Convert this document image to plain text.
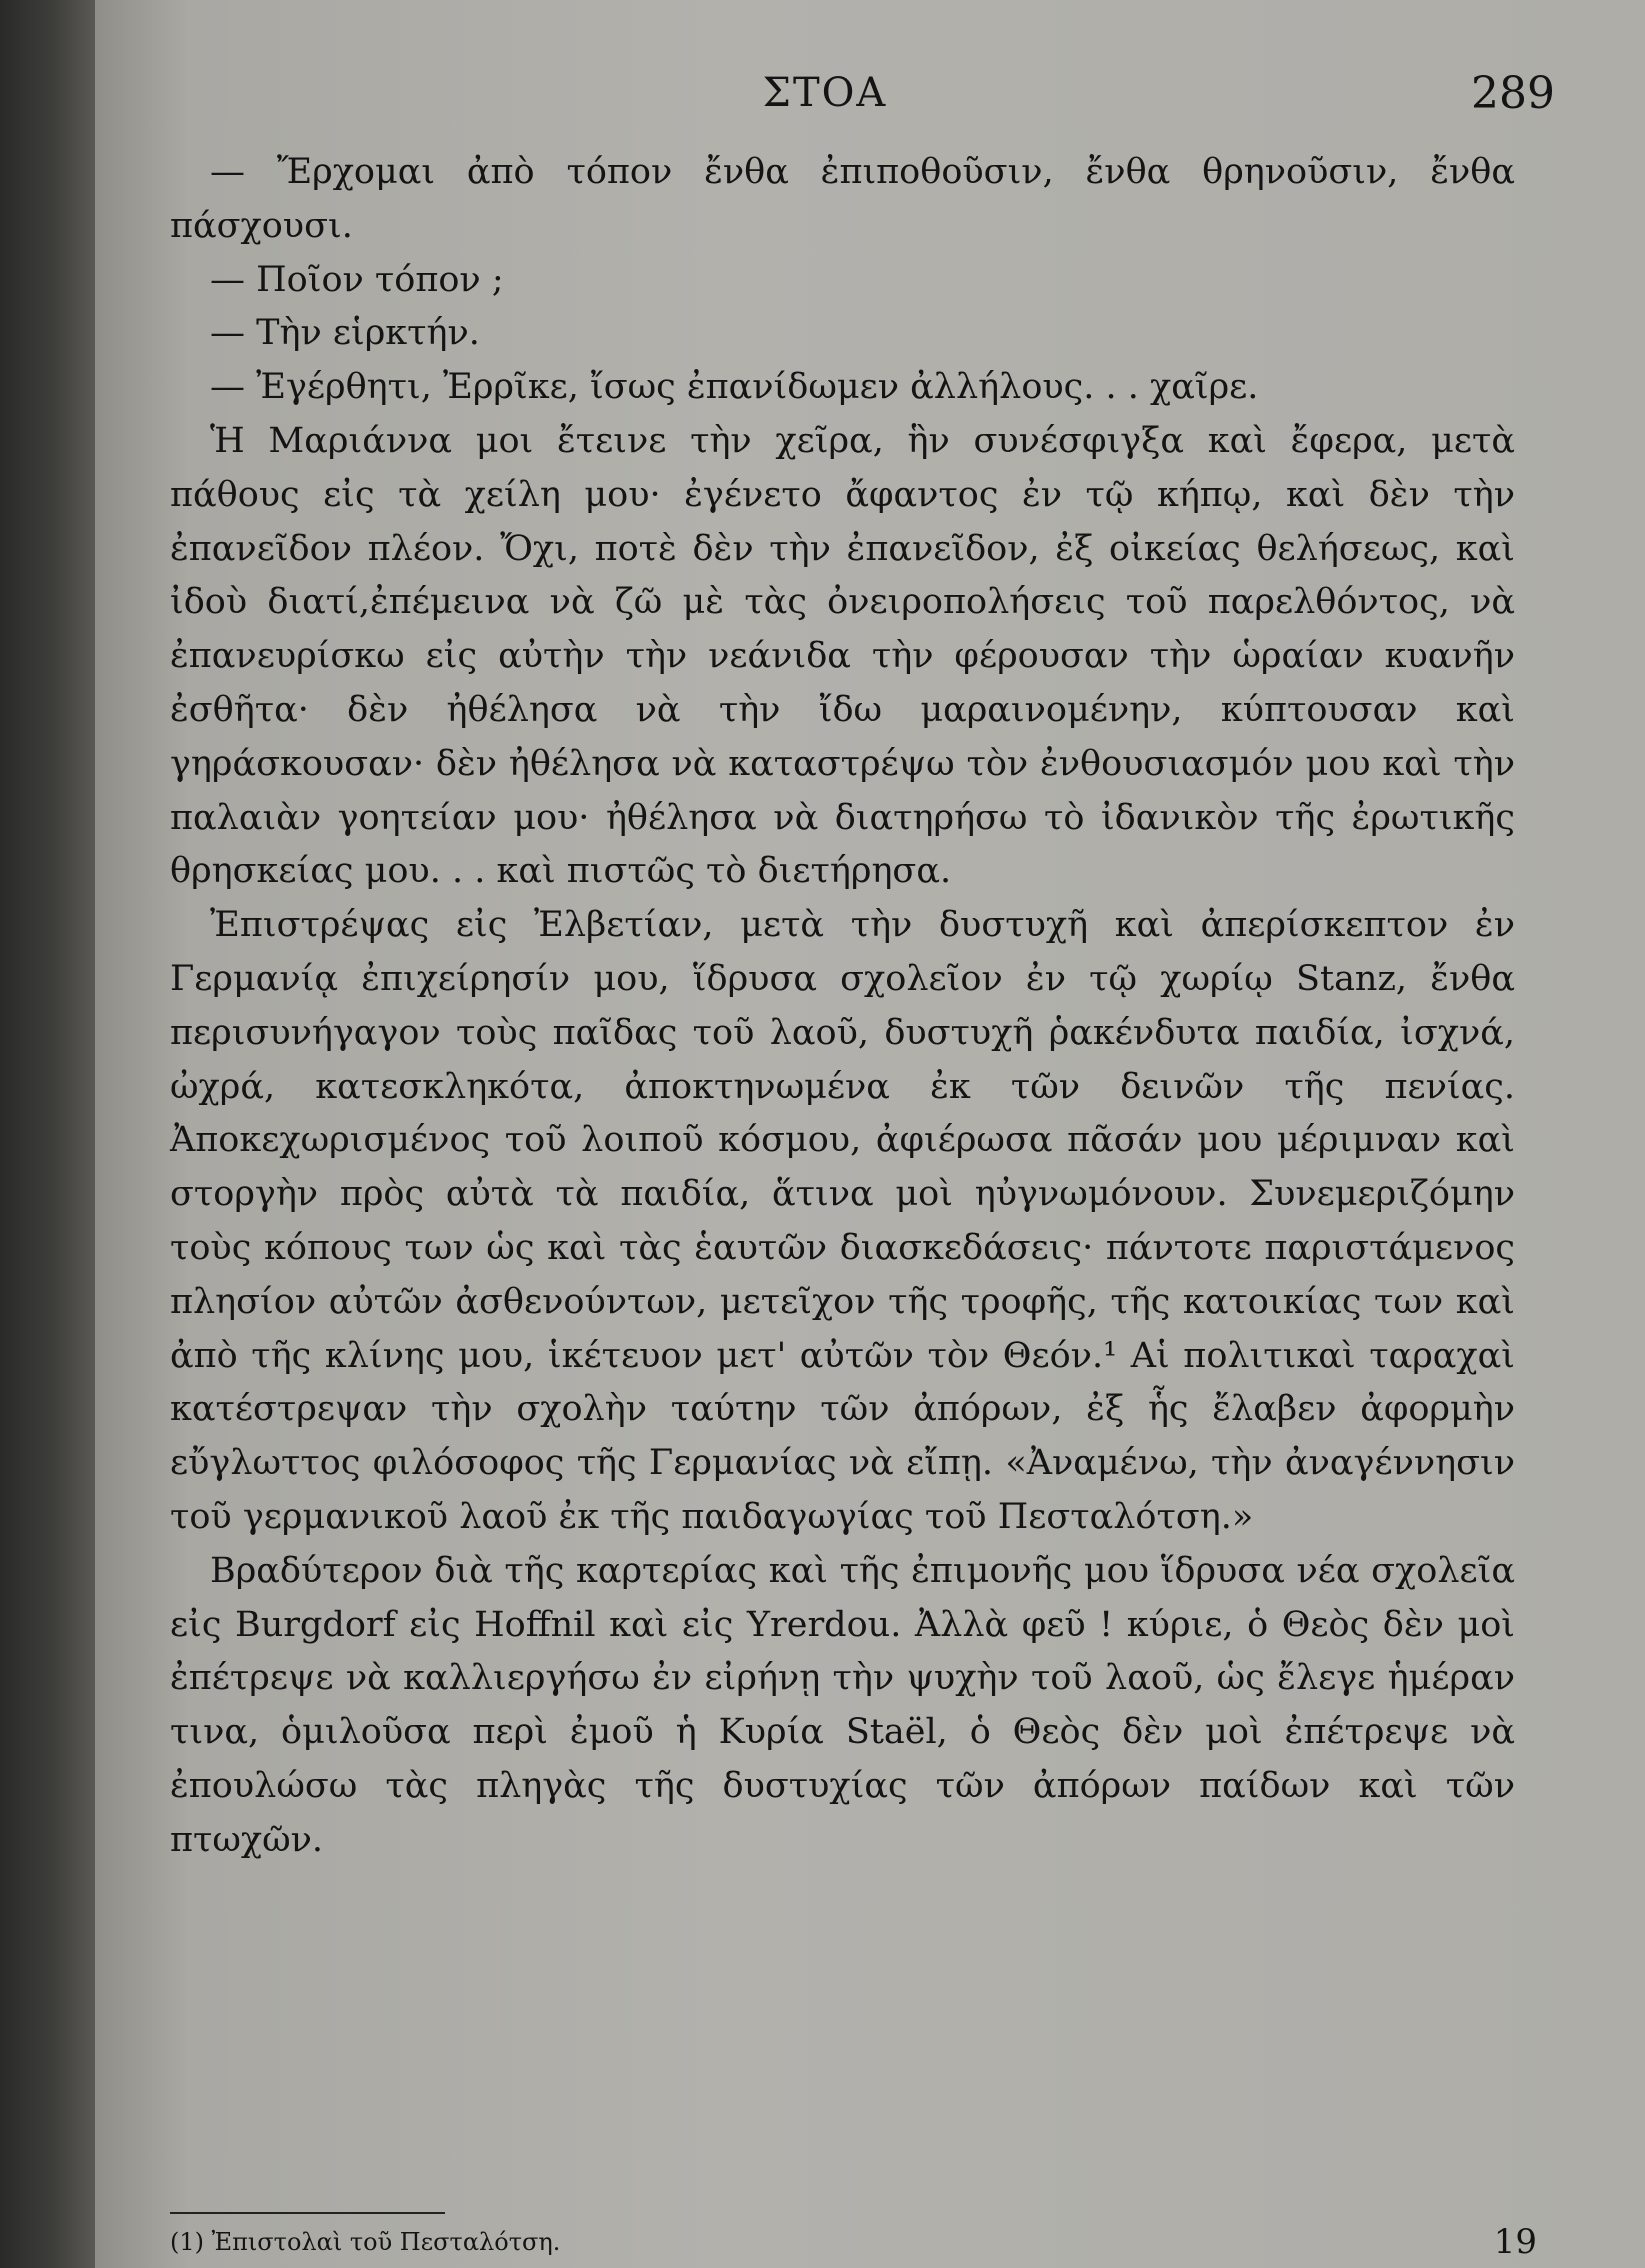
ΣΤΟΑ	289

— Ἔρχομαι ἀπὸ τόπον ἔνθα ἐπιποθοῦσιν, ἔνθα θρηνοῦσιν, ἔνθα πάσχουσι.

— Ποῖον τόπον ;

— Τὴν εἱρκτήν.

— Ἐγέρθητι, Ἐρρῖκε, ἴσως ἐπανίδωμεν ἀλλήλους. . . χαῖρε.

Ἡ Μαριάννα μοι ἔτεινε τὴν χεῖρα, ἣν συνέσφιγξα καὶ ἔφερα, μετὰ πάθους εἰς τὰ χείλη μου· ἐγένετο ἄφαντος ἐν τῷ κήπῳ, καὶ δὲν τὴν ἐπανεῖδον πλέον. Ὄχι, ποτὲ δὲν τὴν ἐπανεῖδον, ἐξ οἰκείας θελήσεως, καὶ ἰδοὺ διατί,ἐπέμεινα νὰ ζῶ μὲ τὰς ὀνειροπολήσεις τοῦ παρελθόντος, νὰ ἐπανευρίσκω εἰς αὐτὴν τὴν νεάνιδα τὴν φέρουσαν τὴν ὡραίαν κυανῆν ἐσθῆτα· δὲν ἠθέλησα νὰ τὴν ἴδω μαραινομένην, κύπτουσαν καὶ γηράσκουσαν· δὲν ἠθέλησα νὰ καταστρέψω τὸν ἐνθουσιασμόν μου καὶ τὴν παλαιὰν γοητείαν μου· ἠθέλησα νὰ διατηρήσω τὸ ἰδανικὸν τῆς ἐρωτικῆς θρησκείας μου. . . καὶ πιστῶς τὸ διετήρησα.

Ἐπιστρέψας εἰς Ἐλβετίαν, μετὰ τὴν δυστυχῆ καὶ ἀπερίσκεπτον ἐν Γερμανίᾳ ἐπιχείρησίν μου, ἵδρυσα σχολεῖον ἐν τῷ χωρίῳ Stanz, ἔνθα περισυνήγαγον τοὺς παῖδας τοῦ λαοῦ, δυστυχῆ ῥακένδυτα παιδία, ἰσχνά, ὠχρά, κατεσκληκότα, ἀποκτηνωμένα ἐκ τῶν δεινῶν τῆς πενίας. Ἀποκεχωρισμένος τοῦ λοιποῦ κόσμου, ἀφιέρωσα πᾶσάν μου μέριμναν καὶ στοργὴν πρὸς αὐτὰ τὰ παιδία, ἅτινα μοὶ ηὐγνωμόνουν. Συνεμεριζόμην τοὺς κόπους των ὡς καὶ τὰς ἑαυτῶν διασκεδάσεις· πάντοτε παριστάμενος πλησίον αὐτῶν ἀσθενούντων, μετεῖχον τῆς τροφῆς, τῆς κατοικίας των καὶ ἀπὸ τῆς κλίνης μου, ἱκέτευον μετ' αὐτῶν τὸν Θεόν.¹ Αἱ πολιτικαὶ ταραχαὶ κατέστρεψαν τὴν σχολὴν ταύτην τῶν ἀπόρων, ἐξ ἧς ἔλαβεν ἀφορμὴν εὔγλωττος φιλόσοφος τῆς Γερμανίας νὰ εἴπῃ. «Ἀναμένω, τὴν ἀναγέννησιν τοῦ γερμανικοῦ λαοῦ ἐκ τῆς παιδαγωγίας τοῦ Πεσταλότση.»

Βραδύτερον διὰ τῆς καρτερίας καὶ τῆς ἐπιμονῆς μου ἵδρυσα νέα σχολεῖα εἰς Burgdorf εἰς Hoffnil καὶ εἰς Yrerdou. Ἀλλὰ φεῦ ! κύριε, ὁ Θεὸς δὲν μοὶ ἐπέτρεψε νὰ καλλιεργήσω ἐν εἰρήνῃ τὴν ψυχὴν τοῦ λαοῦ, ὡς ἔλεγε ἡμέραν τινα, ὁμιλοῦσα περὶ ἐμοῦ ἡ Κυρία Staël, ὁ Θεὸς δὲν μοὶ ἐπέτρεψε νὰ ἐπουλώσω τὰς πληγὰς τῆς δυστυχίας τῶν ἀπόρων παίδων καὶ τῶν πτωχῶν.

(1) Ἐπιστολαὶ τοῦ Πεσταλότση.	19
